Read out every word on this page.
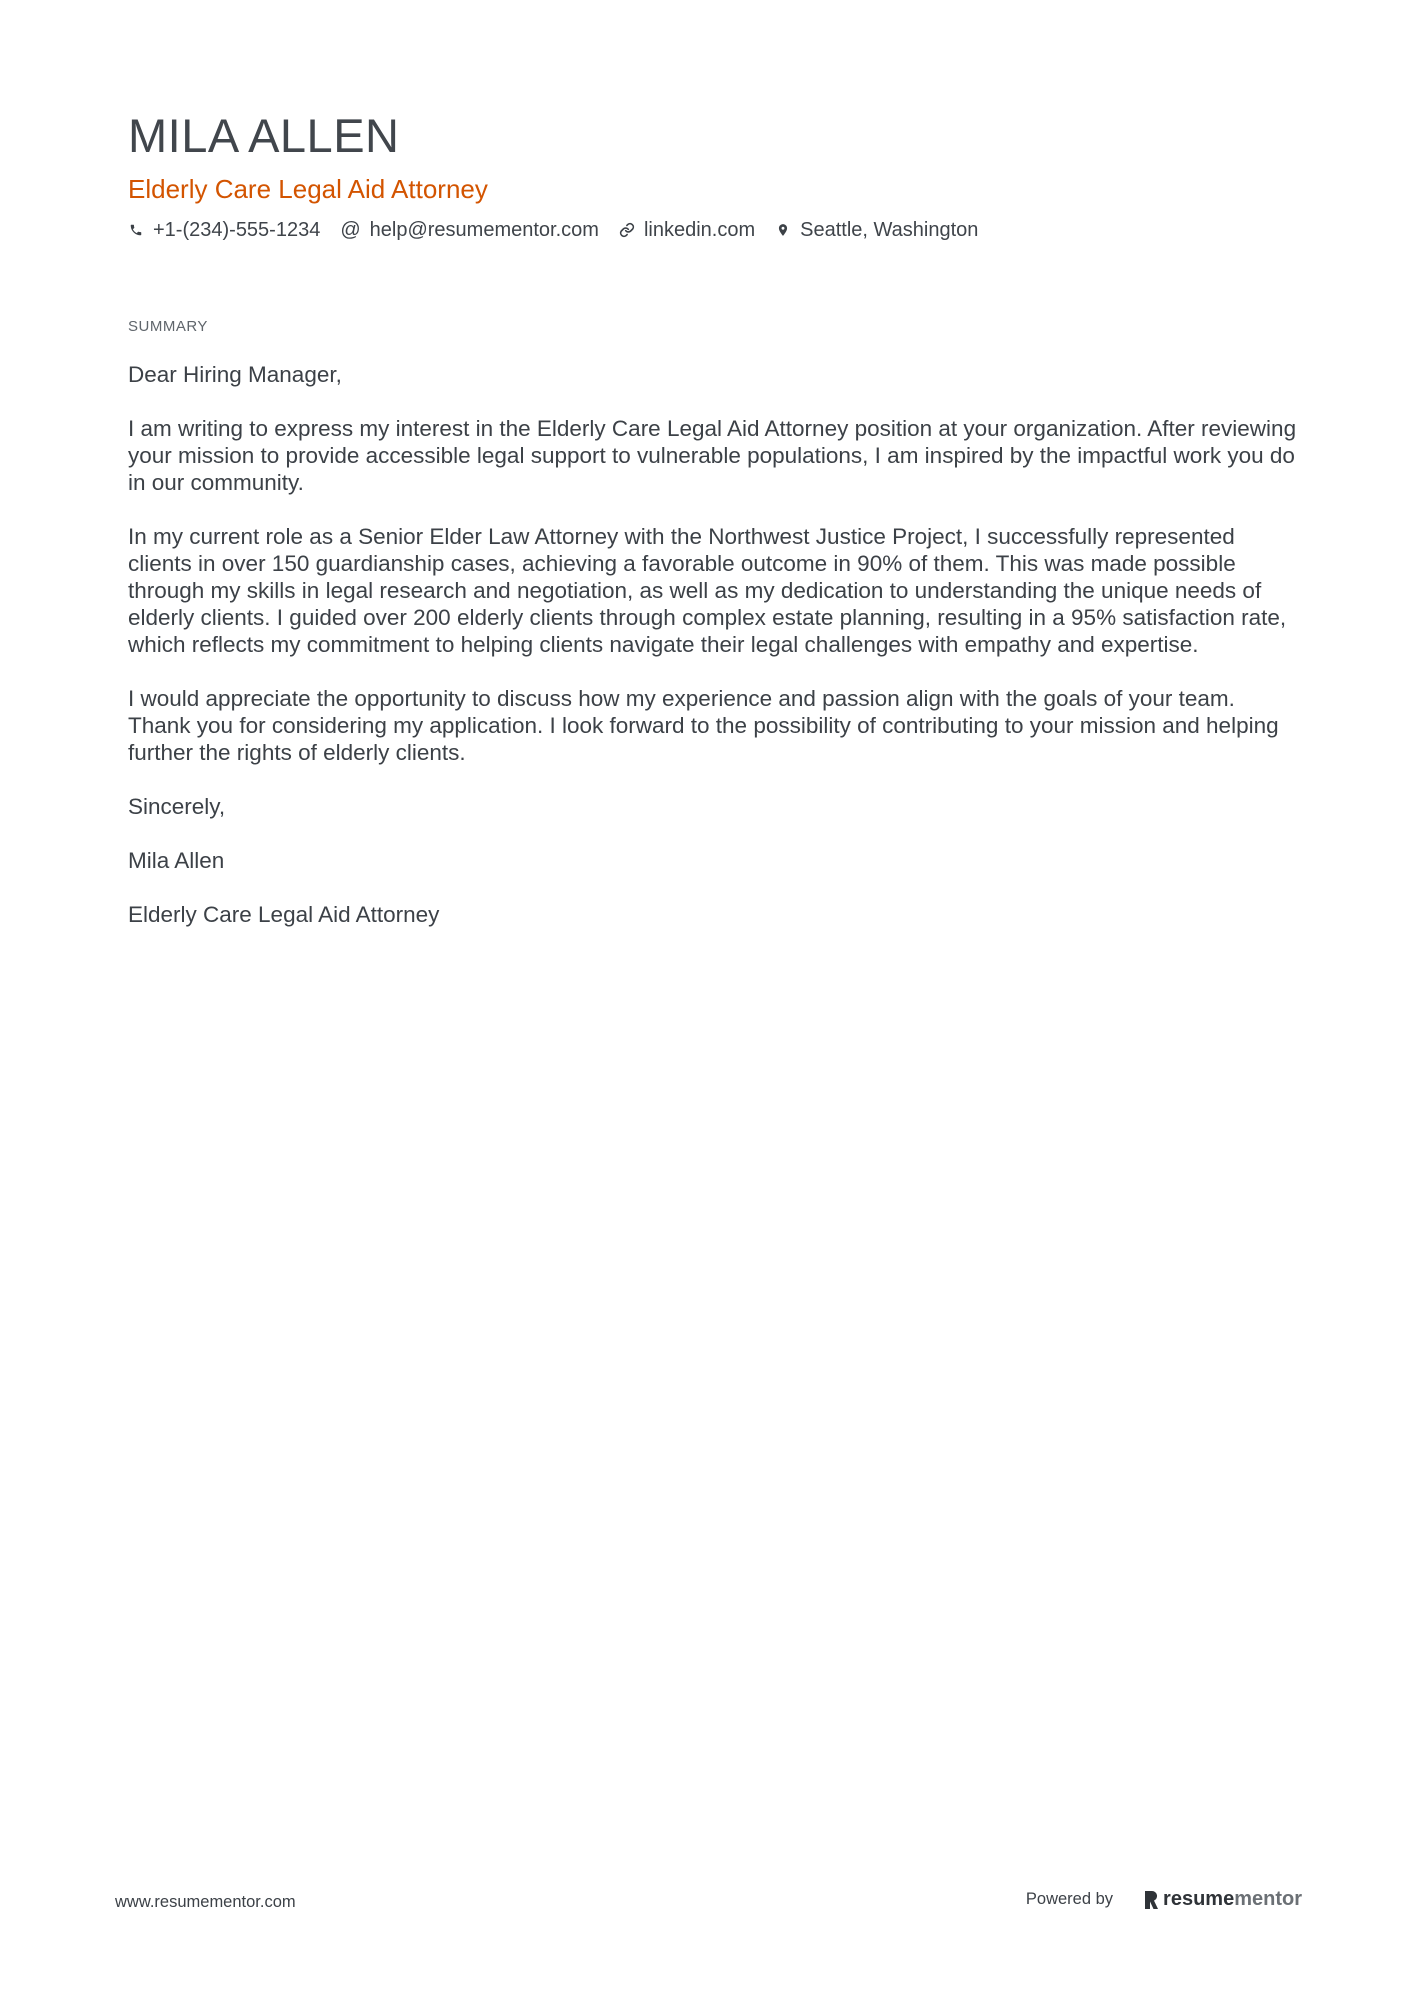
MILA ALLEN
Elderly Care Legal Aid Attorney
+1-(234)-555-1234 @ help@resumementor.com linkedin.com Seattle, Washington
SUMMARY

Dear Hiring Manager,

I am writing to express my interest in the Elderly Care Legal Aid Attorney position at your organization. After reviewing your mission to provide accessible legal support to vulnerable populations, I am inspired by the impactful work you do in our community.

In my current role as a Senior Elder Law Attorney with the Northwest Justice Project, I successfully represented clients in over 150 guardianship cases, achieving a favorable outcome in 90% of them. This was made possible through my skills in legal research and negotiation, as well as my dedication to understanding the unique needs of elderly clients. I guided over 200 elderly clients through complex estate planning, resulting in a 95% satisfaction rate, which reflects my commitment to helping clients navigate their legal challenges with empathy and expertise.

I would appreciate the opportunity to discuss how my experience and passion align with the goals of your team. Thank you for considering my application. I look forward to the possibility of contributing to your mission and helping further the rights of elderly clients.

Sincerely,

Mila Allen

Elderly Care Legal Aid Attorney

www.resumementor.com	Powered by	resume mentor
